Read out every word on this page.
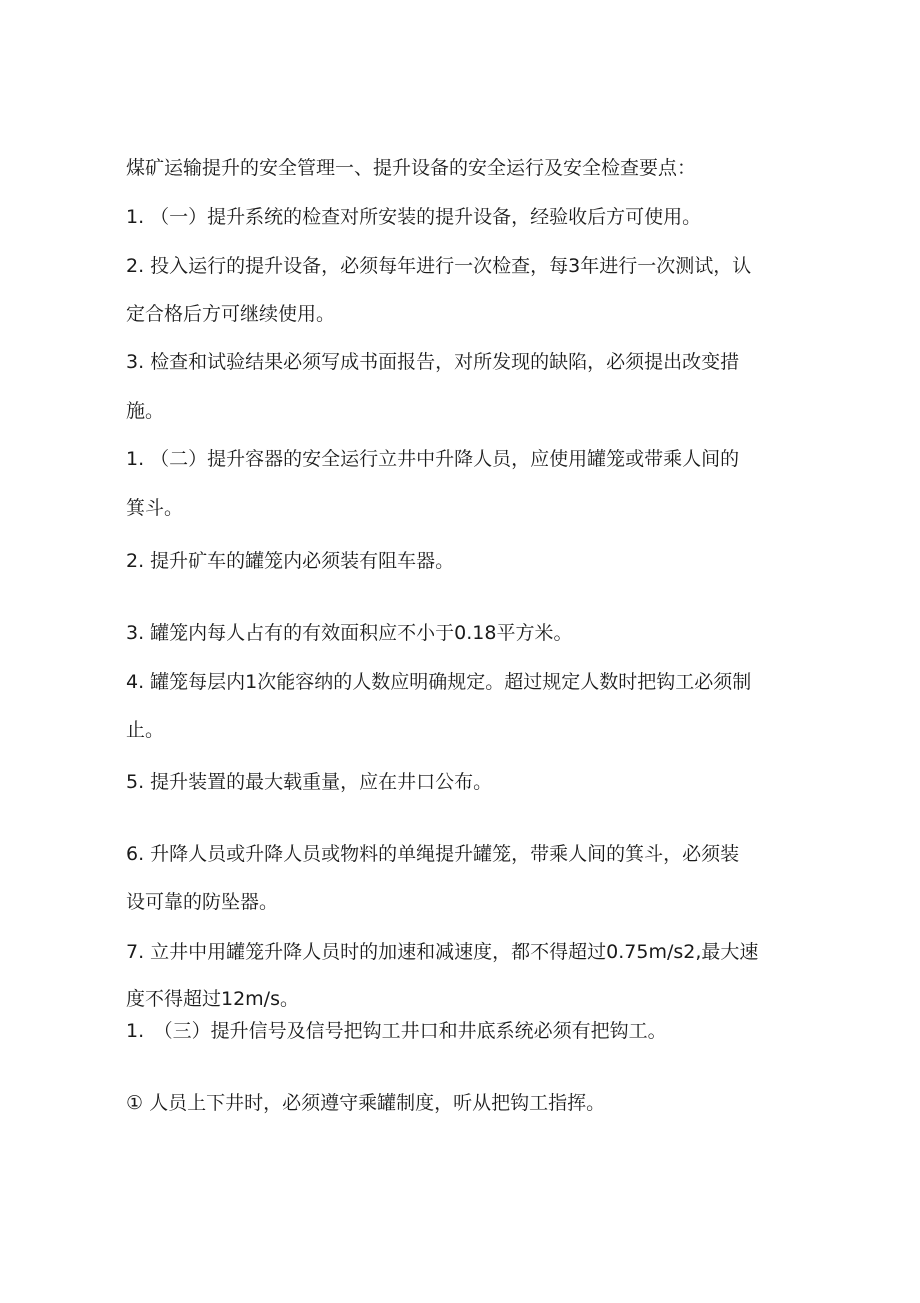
煤矿运输提升的安全管理一、提升设备的安全运行及安全检查要点：

1. （一）提升系统的检查对所安装的提升设备，经验收后方可使用。

2. 投入运行的提升设备，必须每年进行一次检查，每3年进行一次测试，认

定合格后方可继续使用。

3. 检查和试验结果必须写成书面报告，对所发现的缺陷，必须提出改变措

施。

1. （二）提升容器的安全运行立井中升降人员，应使用罐笼或带乘人间的

箕斗。

2. 提升矿车的罐笼内必须装有阻车器。

3. 罐笼内每人占有的有效面积应不小于0.18平方米。

4. 罐笼每层内1次能容纳的人数应明确规定。超过规定人数时把钩工必须制

止。

5. 提升装置的最大载重量，应在井口公布。

6. 升降人员或升降人员或物料的单绳提升罐笼，带乘人间的箕斗，必须装

设可靠的防坠器。

7. 立井中用罐笼升降人员时的加速和减速度，都不得超过0.75m/s2,最大速

度不得超过12m/s。

1.　（三）提升信号及信号把钩工井口和井底系统必须有把钩工。

① 人员上下井时，必须遵守乘罐制度，听从把钩工指挥。
